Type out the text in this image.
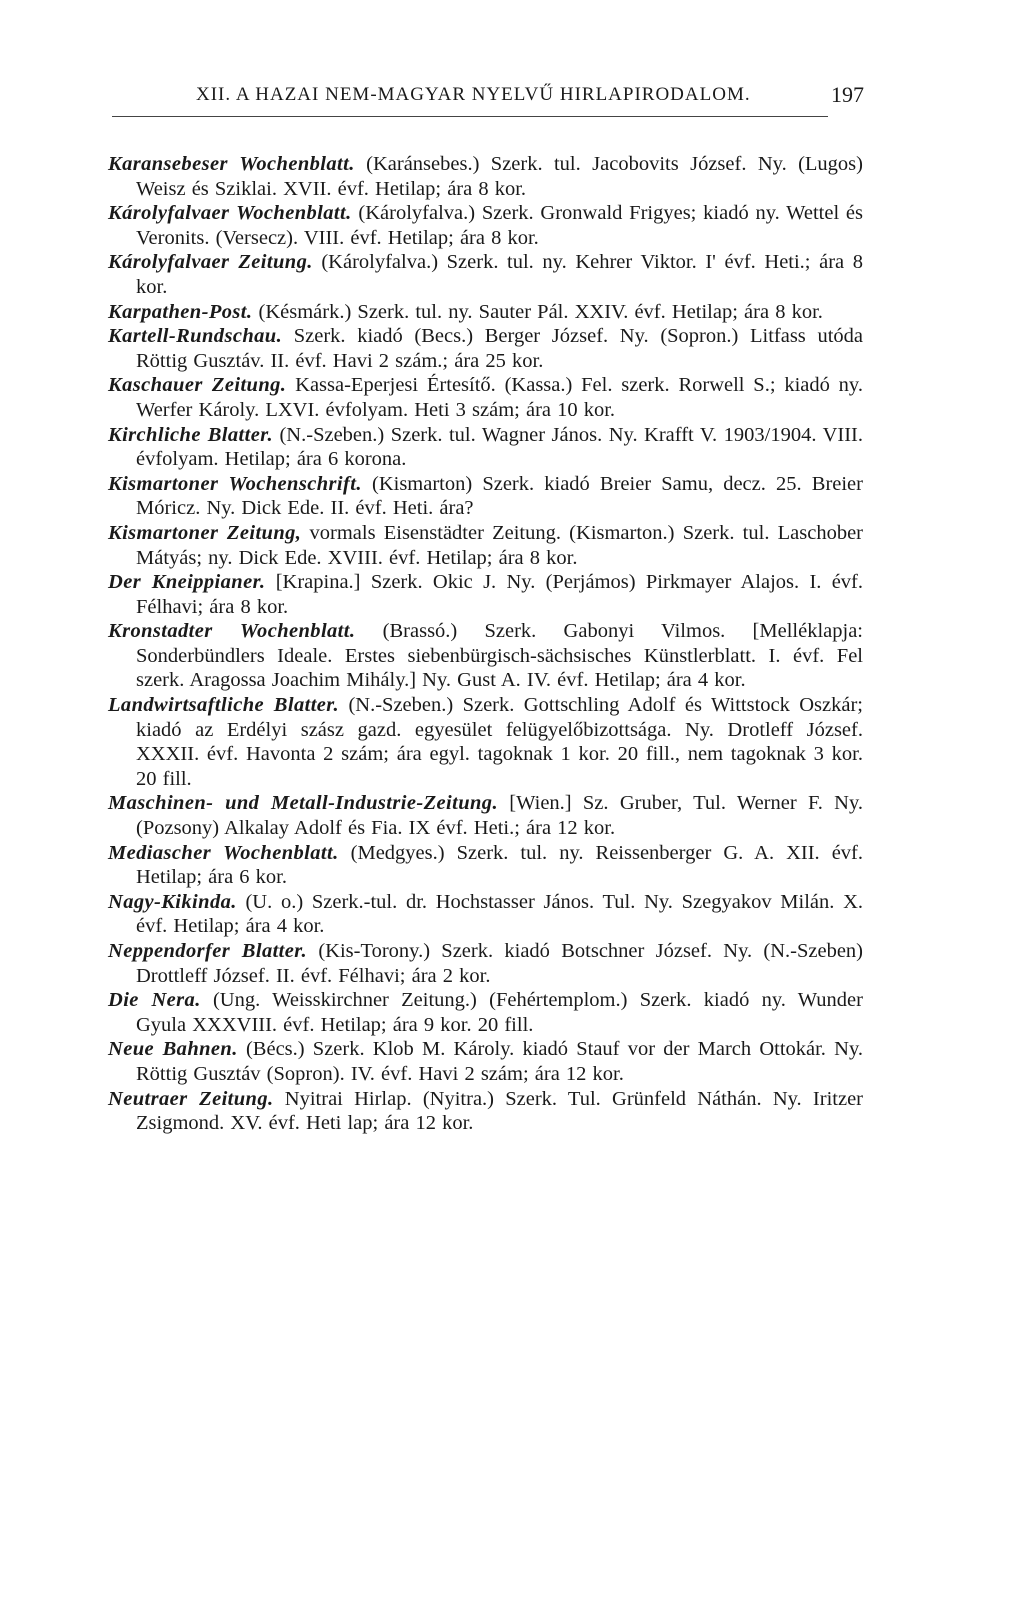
XII. A HAZAI NEM-MAGYAR NYELVŰ HIRLAPIRODALOM.	197

Karansebeser Wochenblatt. (Karánsebes.) Szerk. tul. Jacobovits József. Ny. (Lugos) Weisz és Sziklai. XVII. évf. Hetilap; ára 8 kor.

Károlyfalvaer Wochenblatt. (Károlyfalva.) Szerk. Gronwald Frigyes; kiadó ny. Wettel és Veronits. (Versecz). VIII. évf. Hetilap; ára 8 kor.

Károlyfalvaer Zeitung. (Károlyfalva.) Szerk. tul. ny. Kehrer Viktor. I' évf. Heti.; ára 8 kor.

Karpathen-Post. (Késmárk.) Szerk. tul. ny. Sauter Pál. XXIV. évf. Hetilap; ára 8 kor.

Kartell-Rundschau. Szerk. kiadó (Becs.) Berger József. Ny. (Sopron.) Litfass utóda Röttig Gusztáv. II. évf. Havi 2 szám.; ára 25 kor.

Kaschauer Zeitung. Kassa-Eperjesi Értesítő. (Kassa.) Fel. szerk. Rorwell S.; kiadó ny. Werfer Károly. LXVI. évfolyam. Heti 3 szám; ára 10 kor.

Kirchliche Blatter. (N.-Szeben.) Szerk. tul. Wagner János. Ny. Krafft V. 1903/1904. VIII. évfolyam. Hetilap; ára 6 korona.

Kismartoner Wochenschrift. (Kismarton) Szerk. kiadó Breier Samu, decz. 25. Breier Móricz. Ny. Dick Ede. II. évf. Heti. ára?

Kismartoner Zeitung, vormals Eisenstädter Zeitung. (Kismarton.) Szerk. tul. Laschober Mátyás; ny. Dick Ede. XVIII. évf. Hetilap; ára 8 kor.

Der Kneippianer. [Krapina.] Szerk. Okic J. Ny. (Perjámos) Pirkmayer Alajos. I. évf. Félhavi; ára 8 kor.

Kronstadter Wochenblatt. (Brassó.) Szerk. Gabonyi Vilmos. [Melléklapja: Sonderbündlers Ideale. Erstes siebenbürgisch-sächsisches Künstlerblatt. I. évf. Fel szerk. Aragossa Joachim Mihály.] Ny. Gust A. IV. évf. Hetilap; ára 4 kor.

Landwirtsaftliche Blatter. (N.-Szeben.) Szerk. Gottschling Adolf és Wittstock Oszkár; kiadó az Erdélyi szász gazd. egyesület felügyelőbizottsága. Ny. Drotleff József. XXXII. évf. Havonta 2 szám; ára egyl. tagoknak 1 kor. 20 fill., nem tagoknak 3 kor. 20 fill.

Maschinen- und Metall-Industrie-Zeitung. [Wien.] Sz. Gruber, Tul. Werner F. Ny. (Pozsony) Alkalay Adolf és Fia. IX évf. Heti.; ára 12 kor.

Mediascher Wochenblatt. (Medgyes.) Szerk. tul. ny. Reissenberger G. A. XII. évf. Hetilap; ára 6 kor.

Nagy-Kikinda. (U. o.) Szerk.-tul. dr. Hochstasser János. Tul. Ny. Szegyakov Milán. X. évf. Hetilap; ára 4 kor.

Neppendorfer Blatter. (Kis-Torony.) Szerk. kiadó Botschner József. Ny. (N.-Szeben) Drottleff József. II. évf. Félhavi; ára 2 kor.

Die Nera. (Ung. Weisskirchner Zeitung.) (Fehértemplom.) Szerk. kiadó ny. Wunder Gyula XXXVIII. évf. Hetilap; ára 9 kor. 20 fill.

Neue Bahnen. (Bécs.) Szerk. Klob M. Károly. kiadó Stauf vor der March Ottokár. Ny. Röttig Gusztáv (Sopron). IV. évf. Havi 2 szám; ára 12 kor.

Neutraer Zeitung. Nyitrai Hirlap. (Nyitra.) Szerk. Tul. Grünfeld Náthán. Ny. Iritzer Zsigmond. XV. évf. Heti lap; ára 12 kor.
